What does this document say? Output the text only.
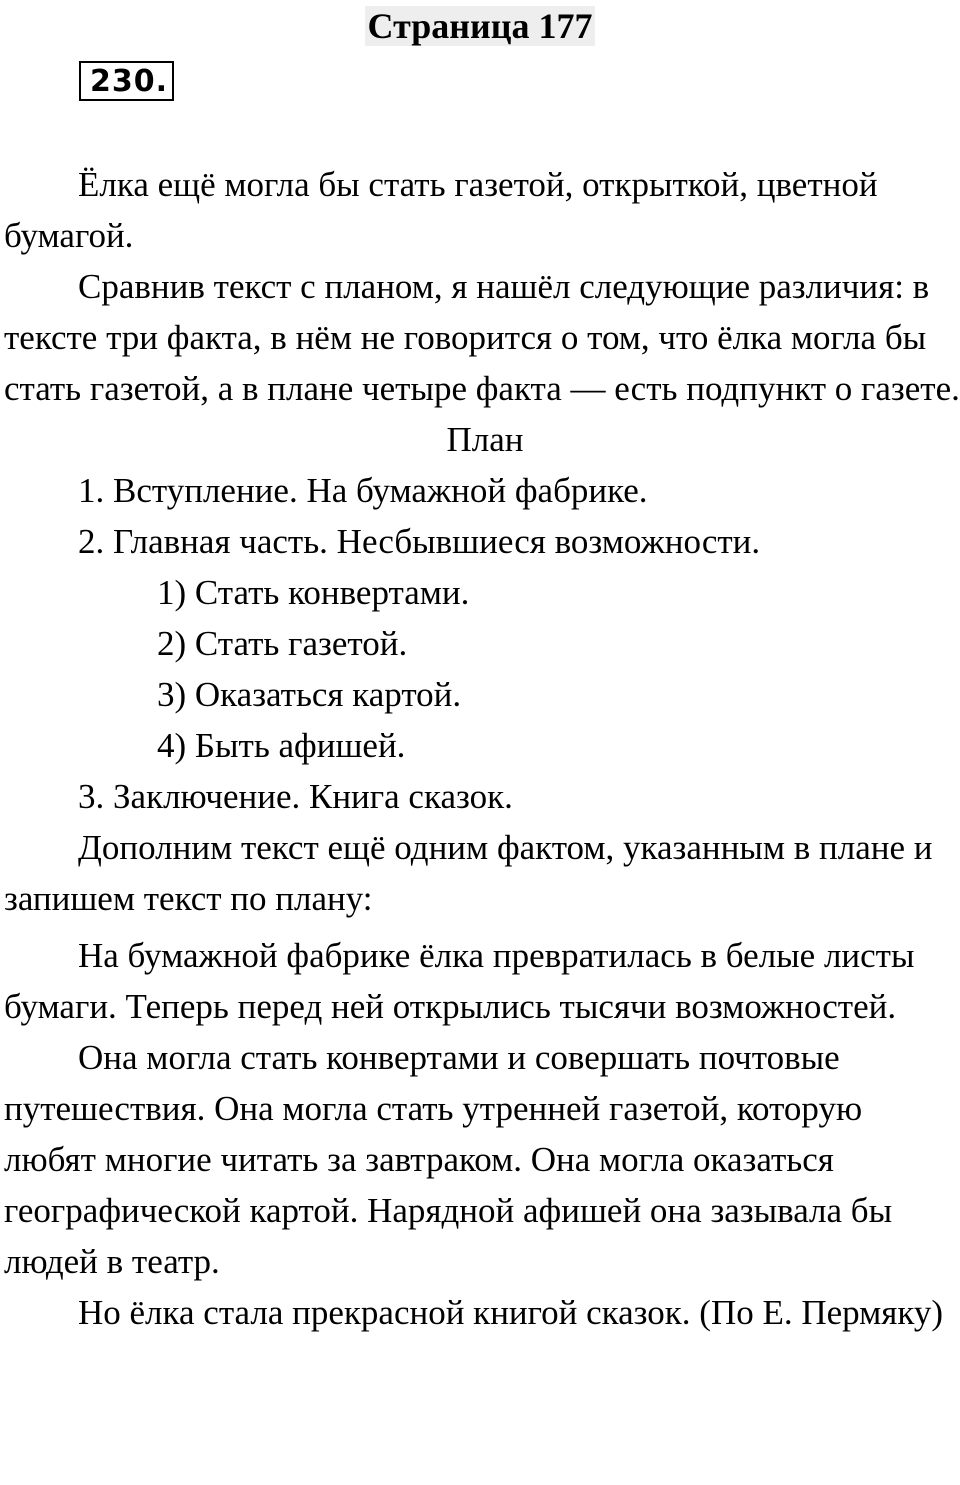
Страница 177
230.

Ёлка ещё могла бы стать газетой, открыткой, цветной бумагой.

Сравнив текст с планом, я нашёл следующие различия: в тексте три факта, в нём не говорится о том, что ёлка могла бы стать газетой, а в плане четыре факта — есть подпункт о газете.

План

1. Вступление. На бумажной фабрике.

2. Главная часть. Несбывшиеся возможности.

1) Стать конвертами.

2) Стать газетой.

3) Оказаться картой.

4) Быть афишей.

3. Заключение. Книга сказок.

Дополним текст ещё одним фактом, указанным в плане и запишем текст по плану:

На бумажной фабрике ёлка превратилась в белые листы бумаги. Теперь перед ней открылись тысячи возможностей.

Она могла стать конвертами и совершать почтовые путешествия. Она могла стать утренней газетой, которую любят многие читать за завтраком. Она могла оказаться географической картой. Нарядной афишей она зазывала бы людей в театр.

Но ёлка стала прекрасной книгой сказок. (По Е. Пермяку)
